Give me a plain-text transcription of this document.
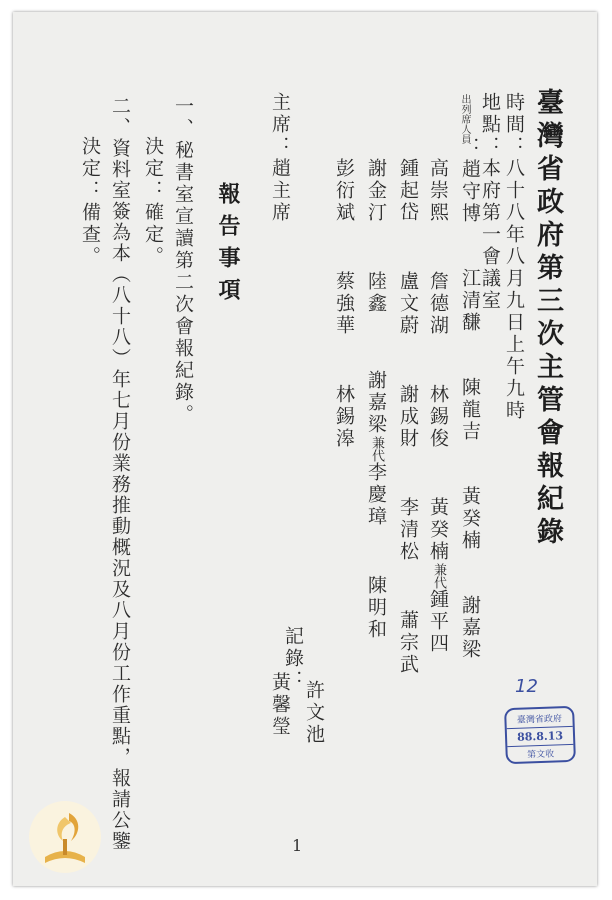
臺灣省政府第三次主管會報紀錄
時間：八十八年八月九日上午九時
地點：本府第一會議室
出列席人員
：趙守博 江清馦 陳龍吉 黃癸楠 謝嘉梁
高崇熙 詹德湖 林錫俊 黃癸楠兼代鍾平四
鍾起岱 盧文蔚 謝成財 李清松 蕭宗武
謝金汀 陸鑫 謝嘉梁兼代李慶璋 陳明和
彭衍斌 蔡強華 林錫滜
記錄：
許文池
黃馨瑩
主席：趙主席
報告事項
一、秘書室宣讀第二次會報紀錄。
決定：確定。
二、資料室簽為本（八十八）年七月份業務推動概況及八月份工作重點，報請公鑒
決定：備查。
1
12
臺灣省政府
88.8.13
第文收
